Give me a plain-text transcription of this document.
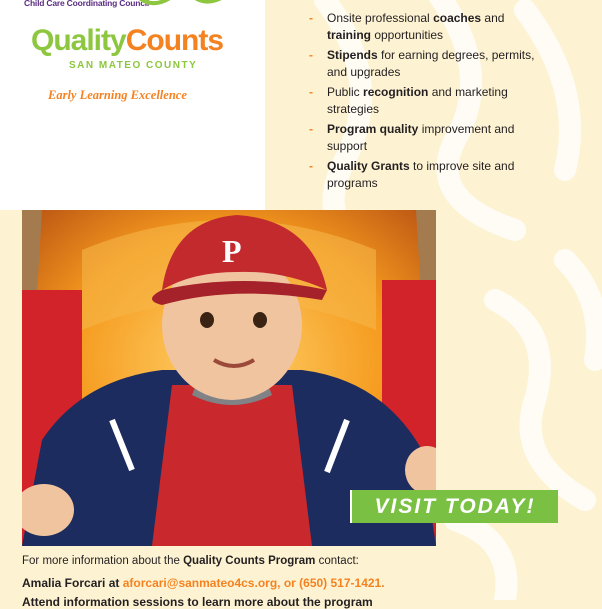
Child Care Coordinating Council
QualityCounts
SAN MATEO COUNTY
Early Learning Excellence
- Onsite professional coaches and training opportunities
- Stipends for earning degrees, permits, and upgrades
- Public recognition and marketing strategies
- Program quality improvement and support
- Quality Grants to improve site and programs
P
VISIT TODAY!
For more information about the Quality Counts Program contact:
Amalia Forcari at aforcari@sanmateo4cs.org, or (650) 517-1421.
Attend information sessions to learn more about the program
